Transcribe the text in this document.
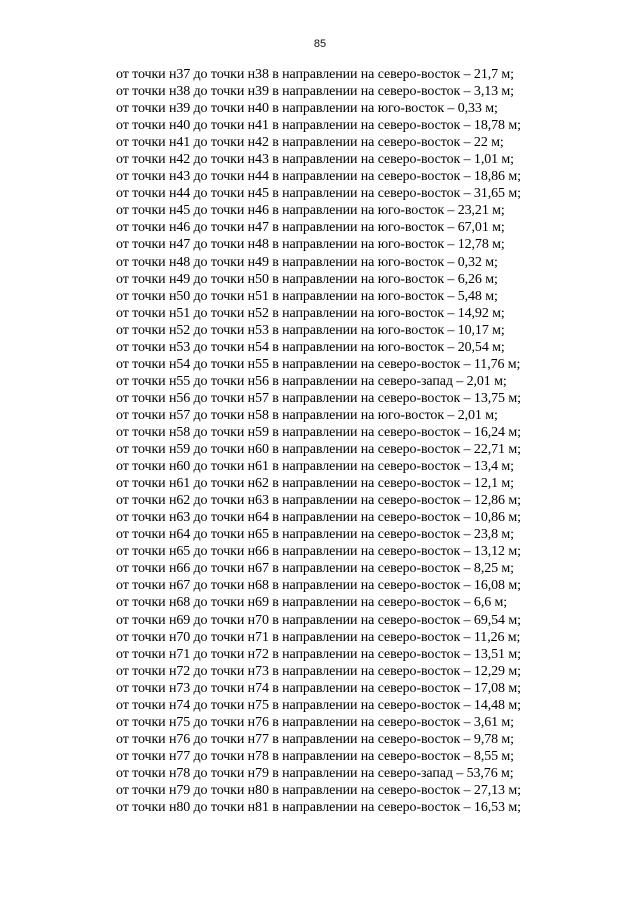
85
от точки н37 до точки н38 в направлении на северо-восток – 21,7 м;
от точки н38 до точки н39 в направлении на северо-восток – 3,13 м;
от точки н39 до точки н40 в направлении на юго-восток – 0,33 м;
от точки н40 до точки н41 в направлении на северо-восток – 18,78 м;
от точки н41 до точки н42 в направлении на северо-восток – 22 м;
от точки н42 до точки н43 в направлении на северо-восток – 1,01 м;
от точки н43 до точки н44 в направлении на северо-восток – 18,86 м;
от точки н44 до точки н45 в направлении на северо-восток – 31,65 м;
от точки н45 до точки н46 в направлении на юго-восток – 23,21 м;
от точки н46 до точки н47 в направлении на юго-восток – 67,01 м;
от точки н47 до точки н48 в направлении на юго-восток – 12,78 м;
от точки н48 до точки н49 в направлении на юго-восток – 0,32 м;
от точки н49 до точки н50 в направлении на юго-восток – 6,26 м;
от точки н50 до точки н51 в направлении на юго-восток – 5,48 м;
от точки н51 до точки н52 в направлении на юго-восток – 14,92 м;
от точки н52 до точки н53 в направлении на юго-восток – 10,17 м;
от точки н53 до точки н54 в направлении на юго-восток – 20,54 м;
от точки н54 до точки н55 в направлении на северо-восток – 11,76 м;
от точки н55 до точки н56 в направлении на северо-запад – 2,01 м;
от точки н56 до точки н57 в направлении на северо-восток – 13,75 м;
от точки н57 до точки н58 в направлении на юго-восток – 2,01 м;
от точки н58 до точки н59 в направлении на северо-восток – 16,24 м;
от точки н59 до точки н60 в направлении на северо-восток – 22,71 м;
от точки н60 до точки н61 в направлении на северо-восток – 13,4 м;
от точки н61 до точки н62 в направлении на северо-восток – 12,1 м;
от точки н62 до точки н63 в направлении на северо-восток – 12,86 м;
от точки н63 до точки н64 в направлении на северо-восток – 10,86 м;
от точки н64 до точки н65 в направлении на северо-восток – 23,8 м;
от точки н65 до точки н66 в направлении на северо-восток – 13,12 м;
от точки н66 до точки н67 в направлении на северо-восток – 8,25 м;
от точки н67 до точки н68 в направлении на северо-восток – 16,08 м;
от точки н68 до точки н69 в направлении на северо-восток – 6,6 м;
от точки н69 до точки н70 в направлении на северо-восток – 69,54 м;
от точки н70 до точки н71 в направлении на северо-восток – 11,26 м;
от точки н71 до точки н72 в направлении на северо-восток – 13,51 м;
от точки н72 до точки н73 в направлении на северо-восток – 12,29 м;
от точки н73 до точки н74 в направлении на северо-восток – 17,08 м;
от точки н74 до точки н75 в направлении на северо-восток – 14,48 м;
от точки н75 до точки н76 в направлении на северо-восток – 3,61 м;
от точки н76 до точки н77 в направлении на северо-восток – 9,78 м;
от точки н77 до точки н78 в направлении на северо-восток – 8,55 м;
от точки н78 до точки н79 в направлении на северо-запад – 53,76 м;
от точки н79 до точки н80 в направлении на северо-восток – 27,13 м;
от точки н80 до точки н81 в направлении на северо-восток – 16,53 м;
